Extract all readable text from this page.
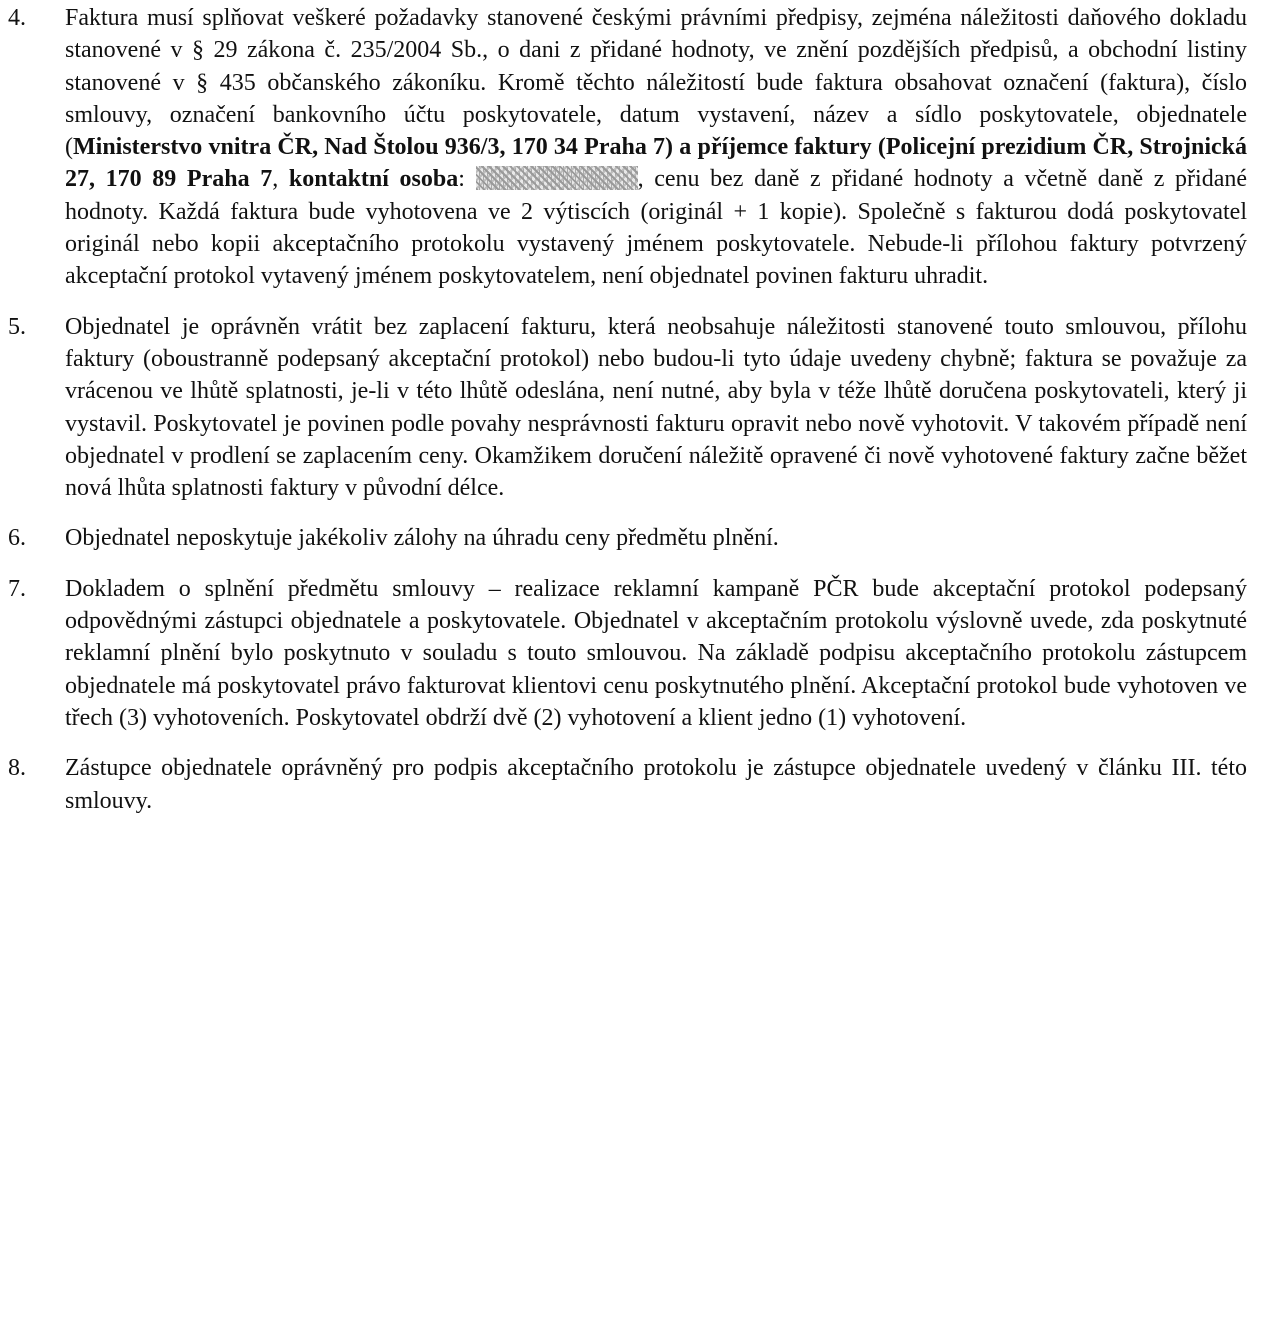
4. Faktura musí splňovat veškeré požadavky stanovené českými právními předpisy, zejména náležitosti daňového dokladu stanovené v § 29 zákona č. 235/2004 Sb., o dani z přidané hodnoty, ve znění pozdějších předpisů, a obchodní listiny stanovené v § 435 občanského zákoníku. Kromě těchto náležitostí bude faktura obsahovat označení (faktura), číslo smlouvy, označení bankovního účtu poskytovatele, datum vystavení, název a sídlo poskytovatele, objednatele (Ministerstvo vnitra ČR, Nad Štolou 936/3, 170 34 Praha 7) a příjemce faktury (Policejní prezidium ČR, Strojnická 27, 170 89 Praha 7, kontaktní osoba:	, cenu bez daně z přidané hodnoty a včetně daně z přidané hodnoty. Každá faktura bude vyhotovena ve 2 výtiscích (originál + 1 kopie). Společně s fakturou dodá poskytovatel originál nebo kopii akceptačního protokolu vystavený jménem poskytovatele. Nebude-li přílohou faktury potvrzený akceptační protokol vytavený jménem poskytovatelem, není objednatel povinen fakturu uhradit.

5. Objednatel je oprávněn vrátit bez zaplacení fakturu, která neobsahuje náležitosti stanovené touto smlouvou, přílohu faktury (oboustranně podepsaný akceptační protokol) nebo budou-li tyto údaje uvedeny chybně; faktura se považuje za vrácenou ve lhůtě splatnosti, je-li v této lhůtě odeslána, není nutné, aby byla v téže lhůtě doručena poskytovateli, který ji vystavil. Poskytovatel je povinen podle povahy nesprávnosti fakturu opravit nebo nově vyhotovit. V takovém případě není objednatel v prodlení se zaplacením ceny. Okamžikem doručení náležitě opravené či nově vyhotovené faktury začne běžet nová lhůta splatnosti faktury v původní délce.

6. Objednatel neposkytuje jakékoliv zálohy na úhradu ceny předmětu plnění.

7. Dokladem o splnění předmětu smlouvy – realizace reklamní kampaně PČR bude akceptační protokol podepsaný odpovědnými zástupci objednatele a poskytovatele. Objednatel v akceptačním protokolu výslovně uvede, zda poskytnuté reklamní plnění bylo poskytnuto v souladu s touto smlouvou. Na základě podpisu akceptačního protokolu zástupcem objednatele má poskytovatel právo fakturovat klientovi cenu poskytnutého plnění. Akceptační protokol bude vyhotoven ve třech (3) vyhotoveních. Poskytovatel obdrží dvě (2) vyhotovení a klient jedno (1) vyhotovení.

8. Zástupce objednatele oprávněný pro podpis akceptačního protokolu je zástupce objednatele uvedený v článku III. této smlouvy.
